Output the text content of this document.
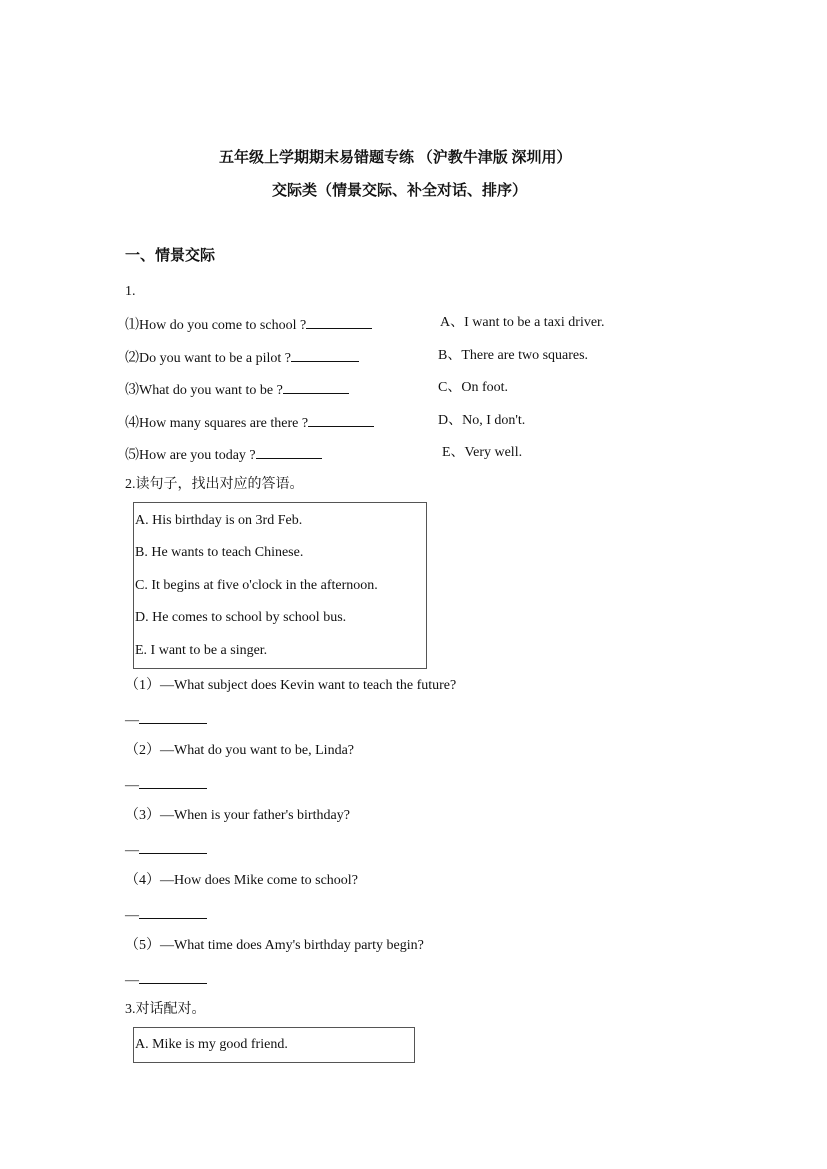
五年级上学期期末易错题专练 （沪教牛津版 深圳用）
交际类（情景交际、补全对话、排序）
一、情景交际
1.
⑴How do you come to school ?	A、I want to be a taxi driver.
⑵Do you want to be a pilot ?	B、There are two squares.
⑶What do you want to be ?	C、On foot.
⑷How many squares are there ?	D、No, I don't.
⑸How are you today ?	E、Very well.
2.读句子，找出对应的答语。
A. His birthday is on 3rd Feb.
B. He wants to teach Chinese.
C. It begins at five o'clock in the afternoon.
D. He comes to school by school bus.
E. I want to be a singer.
（1）—What subject does Kevin want to teach the future?
—
（2）—What do you want to be, Linda?
—
（3）—When is your father's birthday?
—
（4）—How does Mike come to school?
—
（5）—What time does Amy's birthday party begin?
—
3.对话配对。
A. Mike is my good friend.
